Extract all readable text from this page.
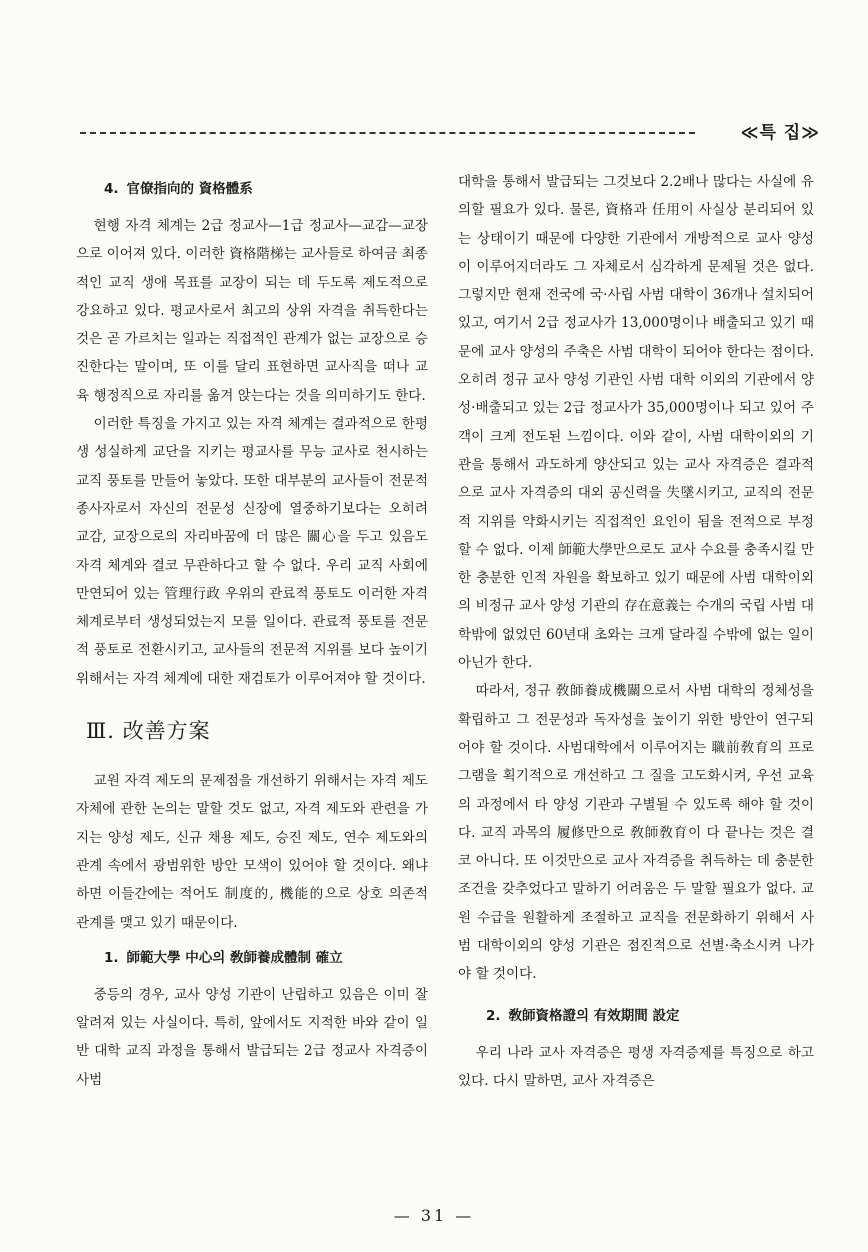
≪특 집≫
4. 官僚指向的 資格體系

현행 자격 체계는 2급 정교사—1급 정교사—교감—교장으로 이어져 있다. 이러한 資格階梯는 교사들로 하여금 최종적인 교직 생애 목표를 교장이 되는 데 두도록 제도적으로 강요하고 있다. 평교사로서 최고의 상위 자격을 취득한다는 것은 곧 가르치는 일과는 직접적인 관계가 없는 교장으로 승진한다는 말이며, 또 이를 달리 표현하면 교사직을 떠나 교육 행정직으로 자리를 옮겨 앉는다는 것을 의미하기도 한다.

이러한 특징을 가지고 있는 자격 체계는 결과적으로 한평생 성실하게 교단을 지키는 평교사를 무능 교사로 천시하는 교직 풍토를 만들어 놓았다. 또한 대부분의 교사들이 전문적 종사자로서 자신의 전문성 신장에 열중하기보다는 오히려 교감, 교장으로의 자리바꿈에 더 많은 關心을 두고 있음도 자격 체계와 결코 무관하다고 할 수 없다. 우리 교직 사회에 만연되어 있는 管理行政 우위의 관료적 풍토도 이러한 자격 체계로부터 생성되었는지 모를 일이다. 관료적 풍토를 전문적 풍토로 전환시키고, 교사들의 전문적 지위를 보다 높이기 위해서는 자격 체계에 대한 재검토가 이루어져야 할 것이다.

Ⅲ. 改善方案

교원 자격 제도의 문제점을 개선하기 위해서는 자격 제도 자체에 관한 논의는 말할 것도 없고, 자격 제도와 관련을 가지는 양성 제도, 신규 채용 제도, 승진 제도, 연수 제도와의 관계 속에서 광범위한 방안 모색이 있어야 할 것이다. 왜냐 하면 이들간에는 적어도 制度的, 機能的으로 상호 의존적 관계를 맺고 있기 때문이다.

1. 師範大學 中心의 敎師養成體制 確立

중등의 경우, 교사 양성 기관이 난립하고 있음은 이미 잘 알려져 있는 사실이다. 특히, 앞에서도 지적한 바와 같이 일반 대학 교직 과정을 통해서 발급되는 2급 정교사 자격증이 사범

대학을 통해서 발급되는 그것보다 2.2배나 많다는 사실에 유의할 필요가 있다. 물론, 資格과 任用이 사실상 분리되어 있는 상태이기 때문에 다양한 기관에서 개방적으로 교사 양성이 이루어지더라도 그 자체로서 심각하게 문제될 것은 없다. 그렇지만 현재 전국에 국·사립 사범 대학이 36개나 설치되어 있고, 여기서 2급 정교사가 13,000명이나 배출되고 있기 때문에 교사 양성의 주축은 사범 대학이 되어야 한다는 점이다. 오히려 정규 교사 양성 기관인 사범 대학 이외의 기관에서 양성·배출되고 있는 2급 정교사가 35,000명이나 되고 있어 주객이 크게 전도된 느낌이다. 이와 같이, 사범 대학이외의 기관을 통해서 과도하게 양산되고 있는 교사 자격증은 결과적으로 교사 자격증의 대외 공신력을 失墜시키고, 교직의 전문적 지위를 약화시키는 직접적인 요인이 됨을 전적으로 부정할 수 없다. 이제 師範大學만으로도 교사 수요를 충족시킬 만한 충분한 인적 자원을 확보하고 있기 때문에 사범 대학이외의 비정규 교사 양성 기관의 存在意義는 수개의 국립 사범 대학밖에 없었던 60년대 초와는 크게 달라질 수밖에 없는 일이 아닌가 한다.

따라서, 정규 敎師養成機關으로서 사범 대학의 정체성을 확립하고 그 전문성과 독자성을 높이기 위한 방안이 연구되어야 할 것이다. 사범대학에서 이루어지는 職前敎育의 프로그램을 획기적으로 개선하고 그 질을 고도화시켜, 우선 교육의 과정에서 타 양성 기관과 구별될 수 있도록 해야 할 것이다. 교직 과목의 履修만으로 敎師敎育이 다 끝나는 것은 결코 아니다. 또 이것만으로 교사 자격증을 취득하는 데 충분한 조건을 갖추었다고 말하기 어려움은 두 말할 필요가 없다. 교원 수급을 원활하게 조절하고 교직을 전문화하기 위해서 사범 대학이외의 양성 기관은 점진적으로 선별·축소시켜 나가야 할 것이다.

2. 敎師資格證의 有效期間 設定

우리 나라 교사 자격증은 평생 자격증제를 특징으로 하고 있다. 다시 말하면, 교사 자격증은

— 31 —
